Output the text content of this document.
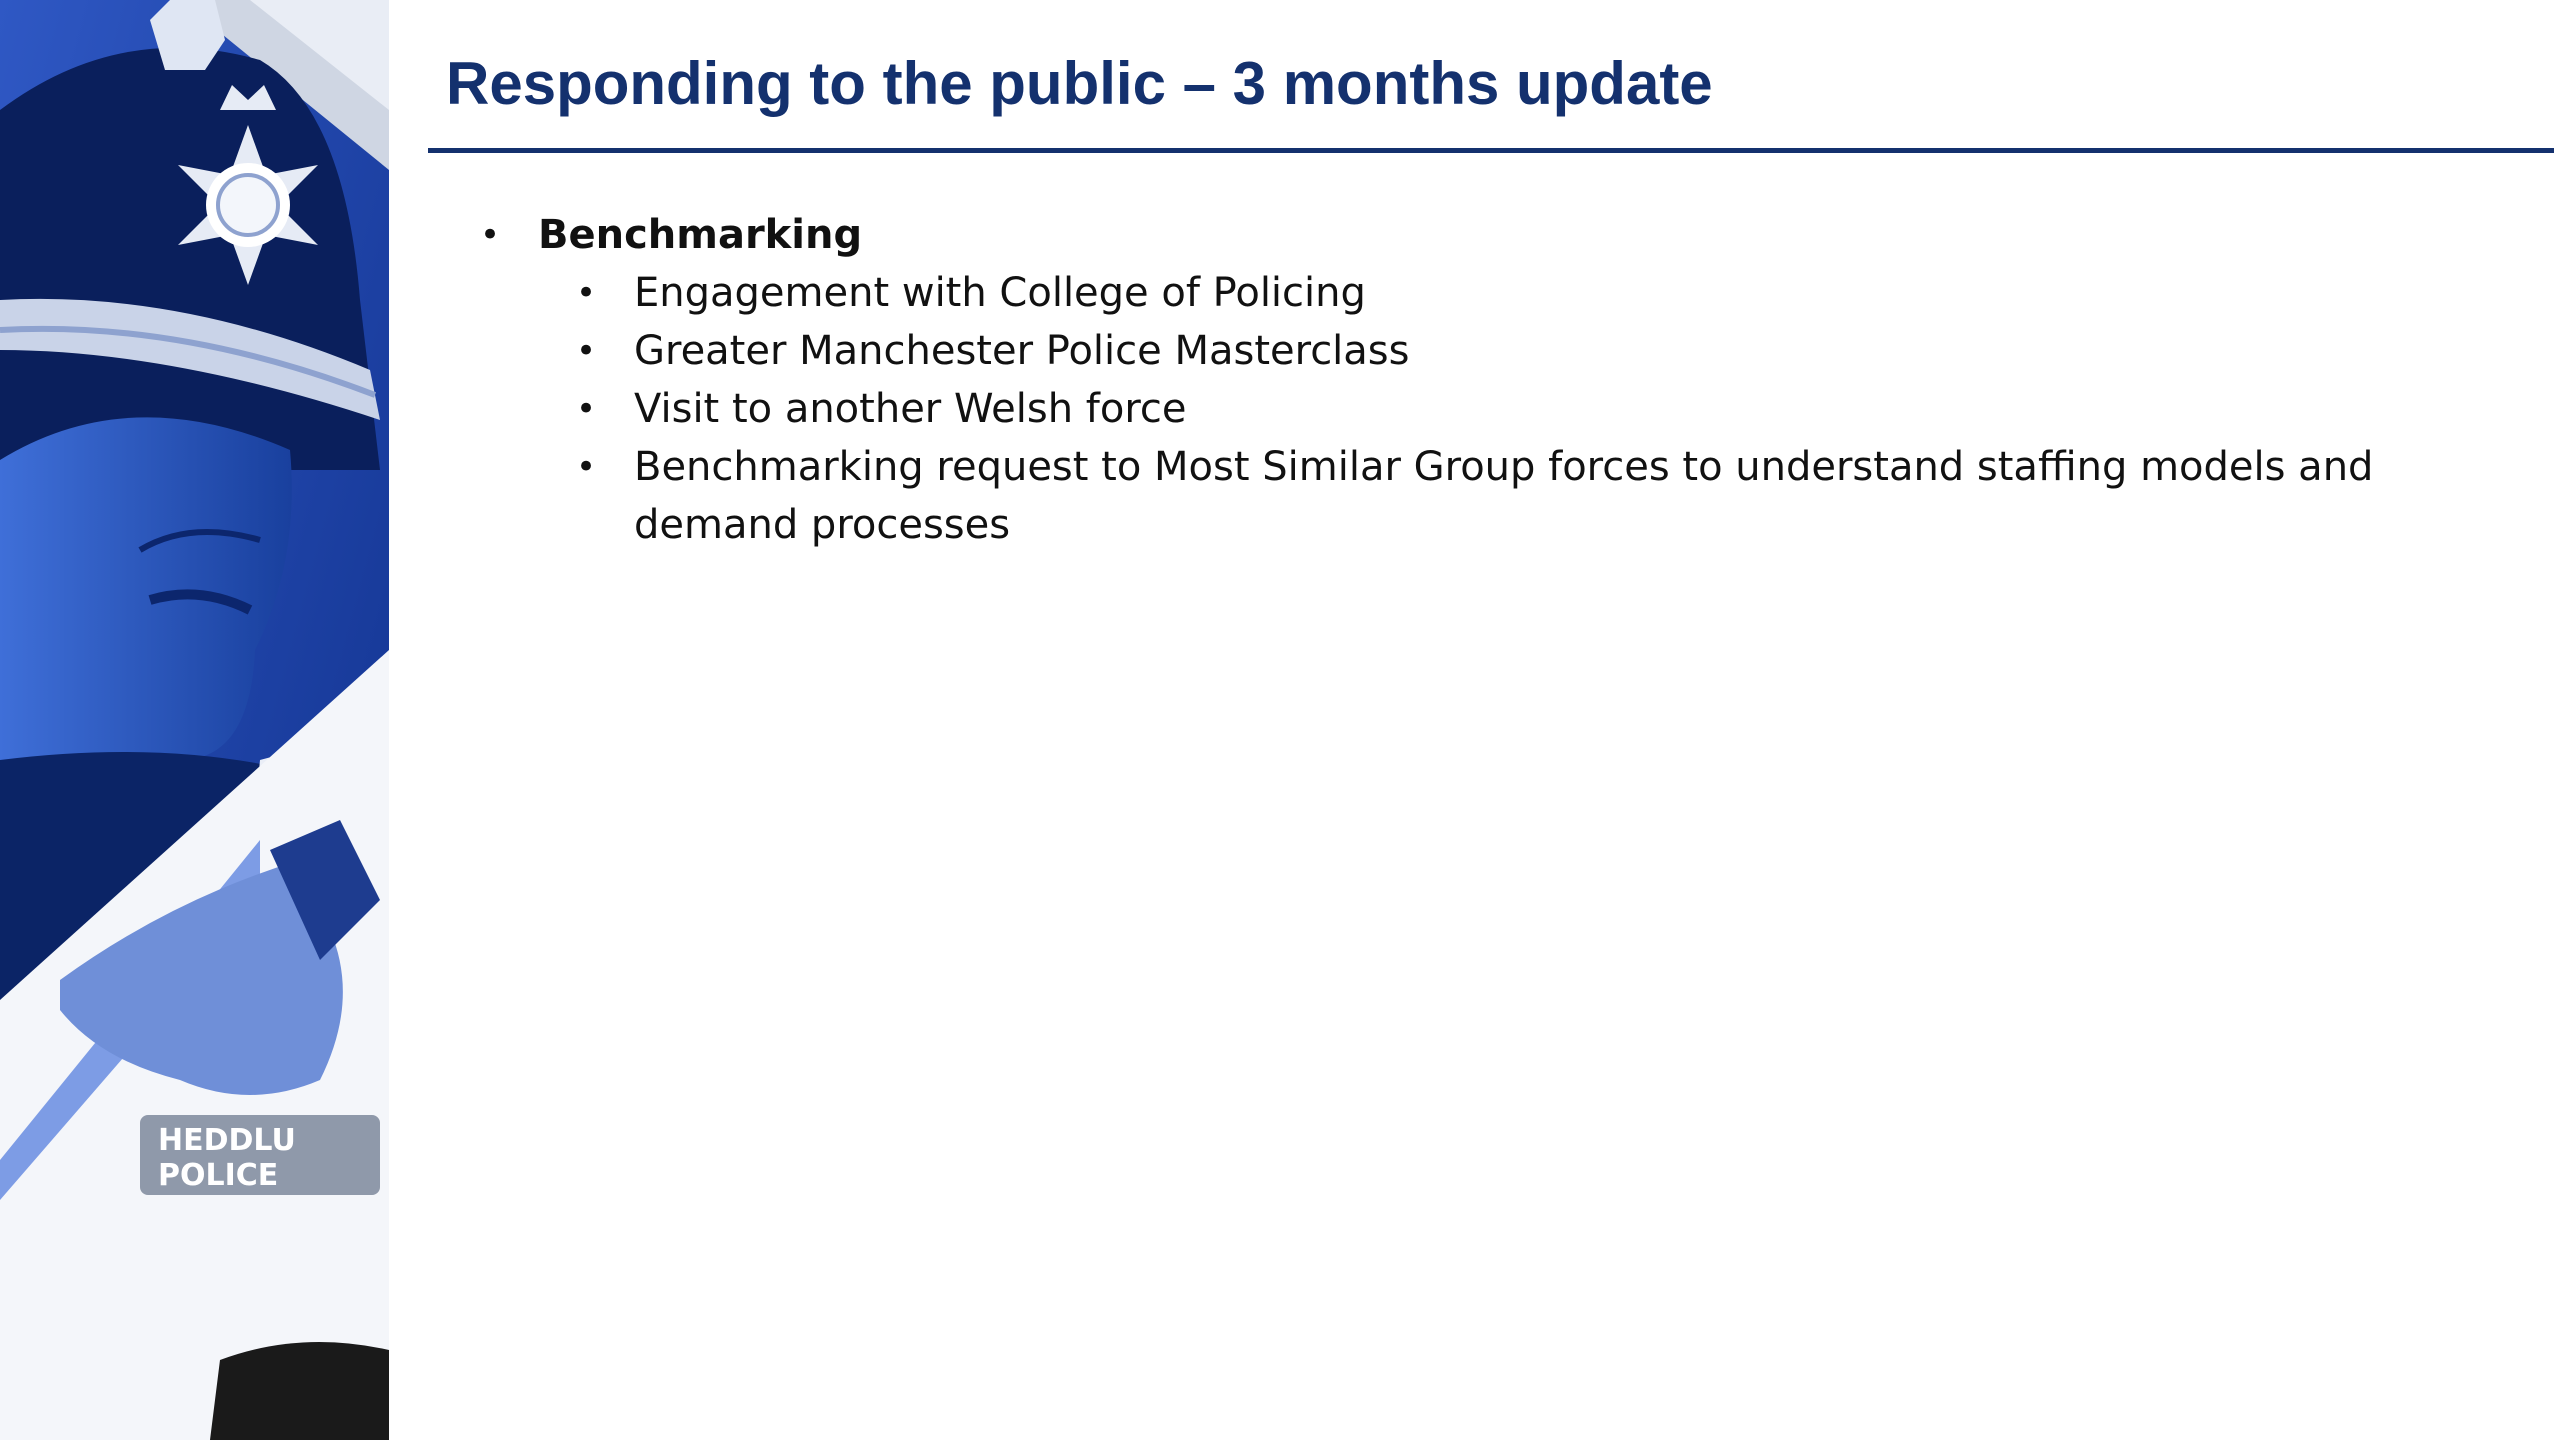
HEDDLU
POLICE
Responding to the public – 3 months update
• Benchmarking
• Engagement with College of Policing
• Greater Manchester Police Masterclass
• Visit to another Welsh force
• Benchmarking request to Most Similar Group forces to understand staffing models and demand processes
